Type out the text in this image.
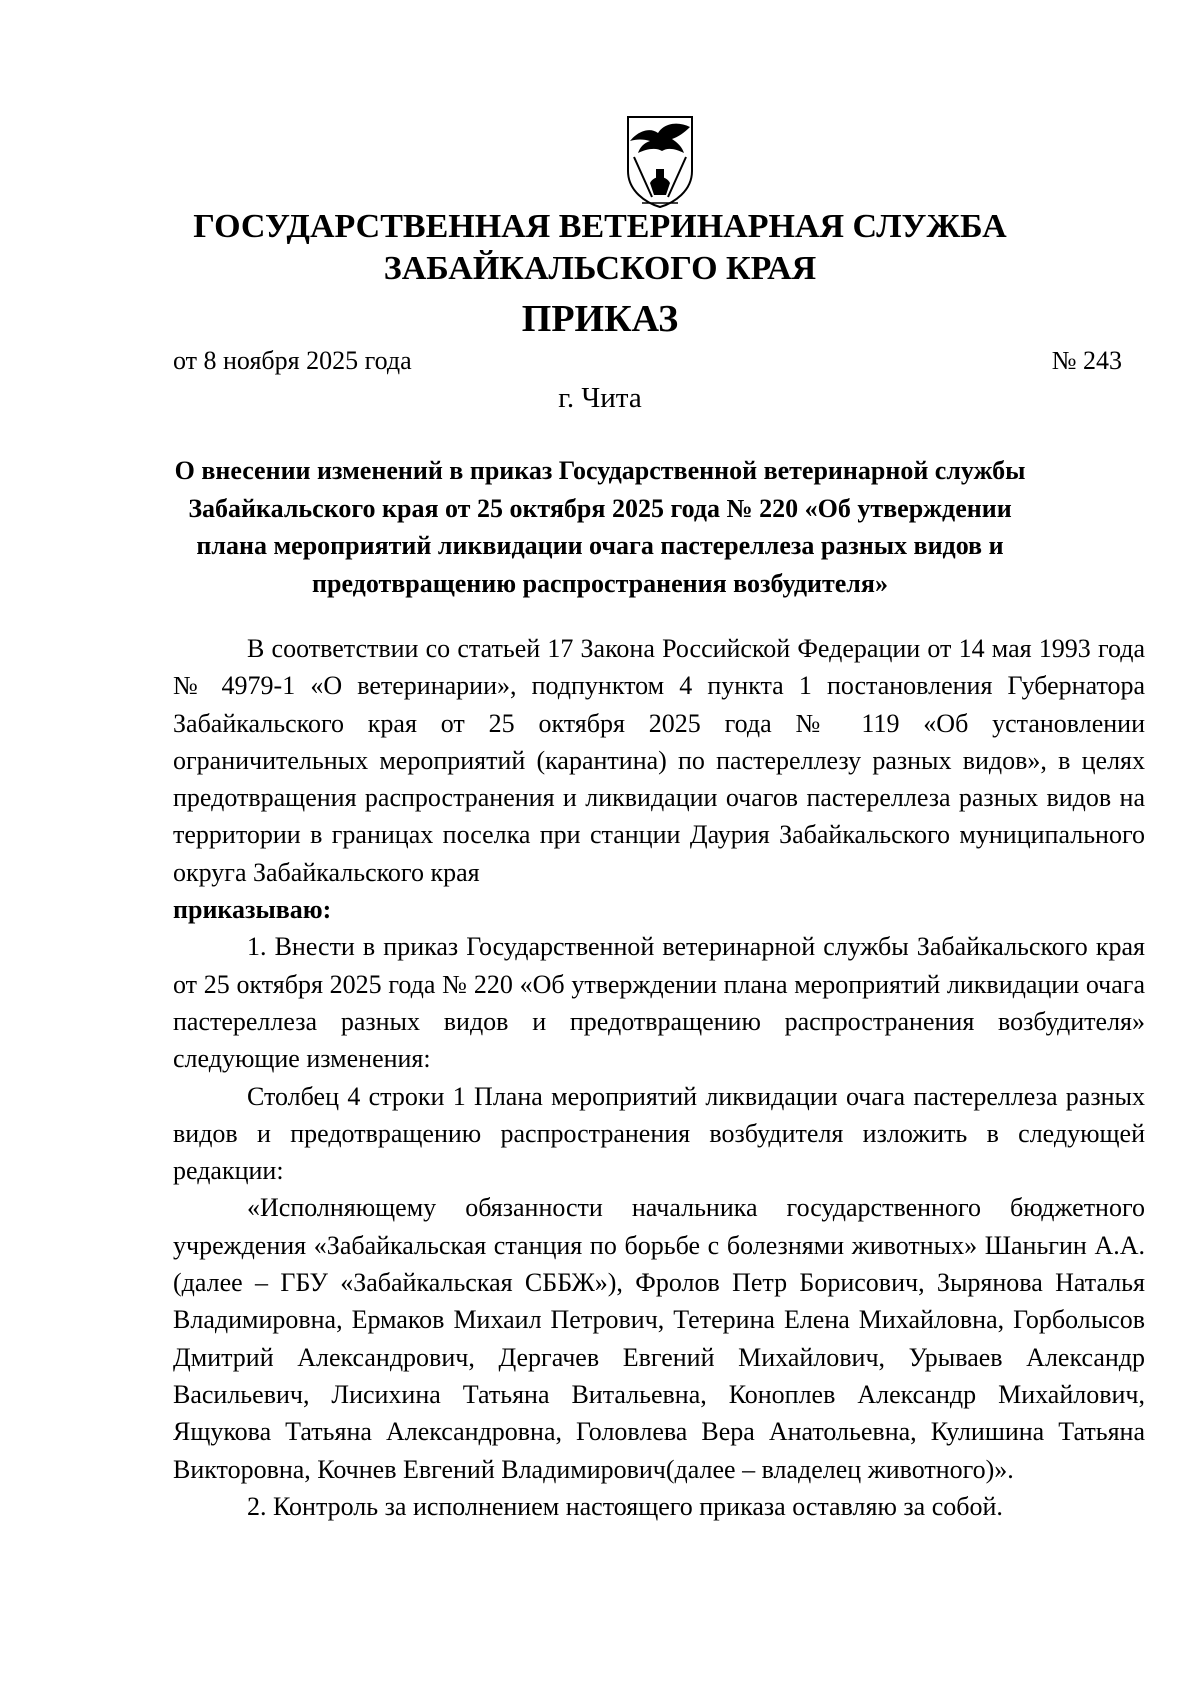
ГОСУДАРСТВЕННАЯ ВЕТЕРИНАРНАЯ СЛУЖБА
ЗАБАЙКАЛЬСКОГО КРАЯ
ПРИКАЗ
от 8 ноября 2025 года	№ 243
г. Чита
О внесении изменений в приказ Государственной ветеринарной службы Забайкальского края от 25 октября 2025 года № 220 «Об утверждении плана мероприятий ликвидации очага пастереллеза разных видов и предотвращению распространения возбудителя»

В соответствии со статьей 17 Закона Российской Федерации от 14 мая 1993 года № 4979-1 «О ветеринарии», подпунктом 4 пункта 1 постановления Губернатора Забайкальского края от 25 октября 2025 года № 119 «Об установлении ограничительных мероприятий (карантина) по пастереллезу разных видов», в целях предотвращения распространения и ликвидации очагов пастереллеза разных видов на территории в границах поселка при станции Даурия Забайкальского муниципального округа Забайкальского края
приказываю:

1. Внести в приказ Государственной ветеринарной службы Забайкальского края от 25 октября 2025 года № 220 «Об утверждении плана мероприятий ликвидации очага пастереллеза разных видов и предотвращению распространения возбудителя» следующие изменения:

Столбец 4 строки 1 Плана мероприятий ликвидации очага пастереллеза разных видов и предотвращению распространения возбудителя изложить в следующей редакции:

«Исполняющему обязанности начальника государственного бюджетного учреждения «Забайкальская станция по борьбе с болезнями животных» Шаньгин А.А. (далее – ГБУ «Забайкальская СББЖ»), Фролов Петр Борисович, Зырянова Наталья Владимировна, Ермаков Михаил Петрович, Тетерина Елена Михайловна, Горболысов Дмитрий Александрович, Дергачев Евгений Михайлович, Урываев Александр Васильевич, Лисихина Татьяна Витальевна, Коноплев Александр Михайлович, Ящукова Татьяна Александровна, Головлева Вера Анатольевна, Кулишина Татьяна Викторовна, Кочнев Евгений Владимирович(далее – владелец животного)».

2. Контроль за исполнением настоящего приказа оставляю за собой.
